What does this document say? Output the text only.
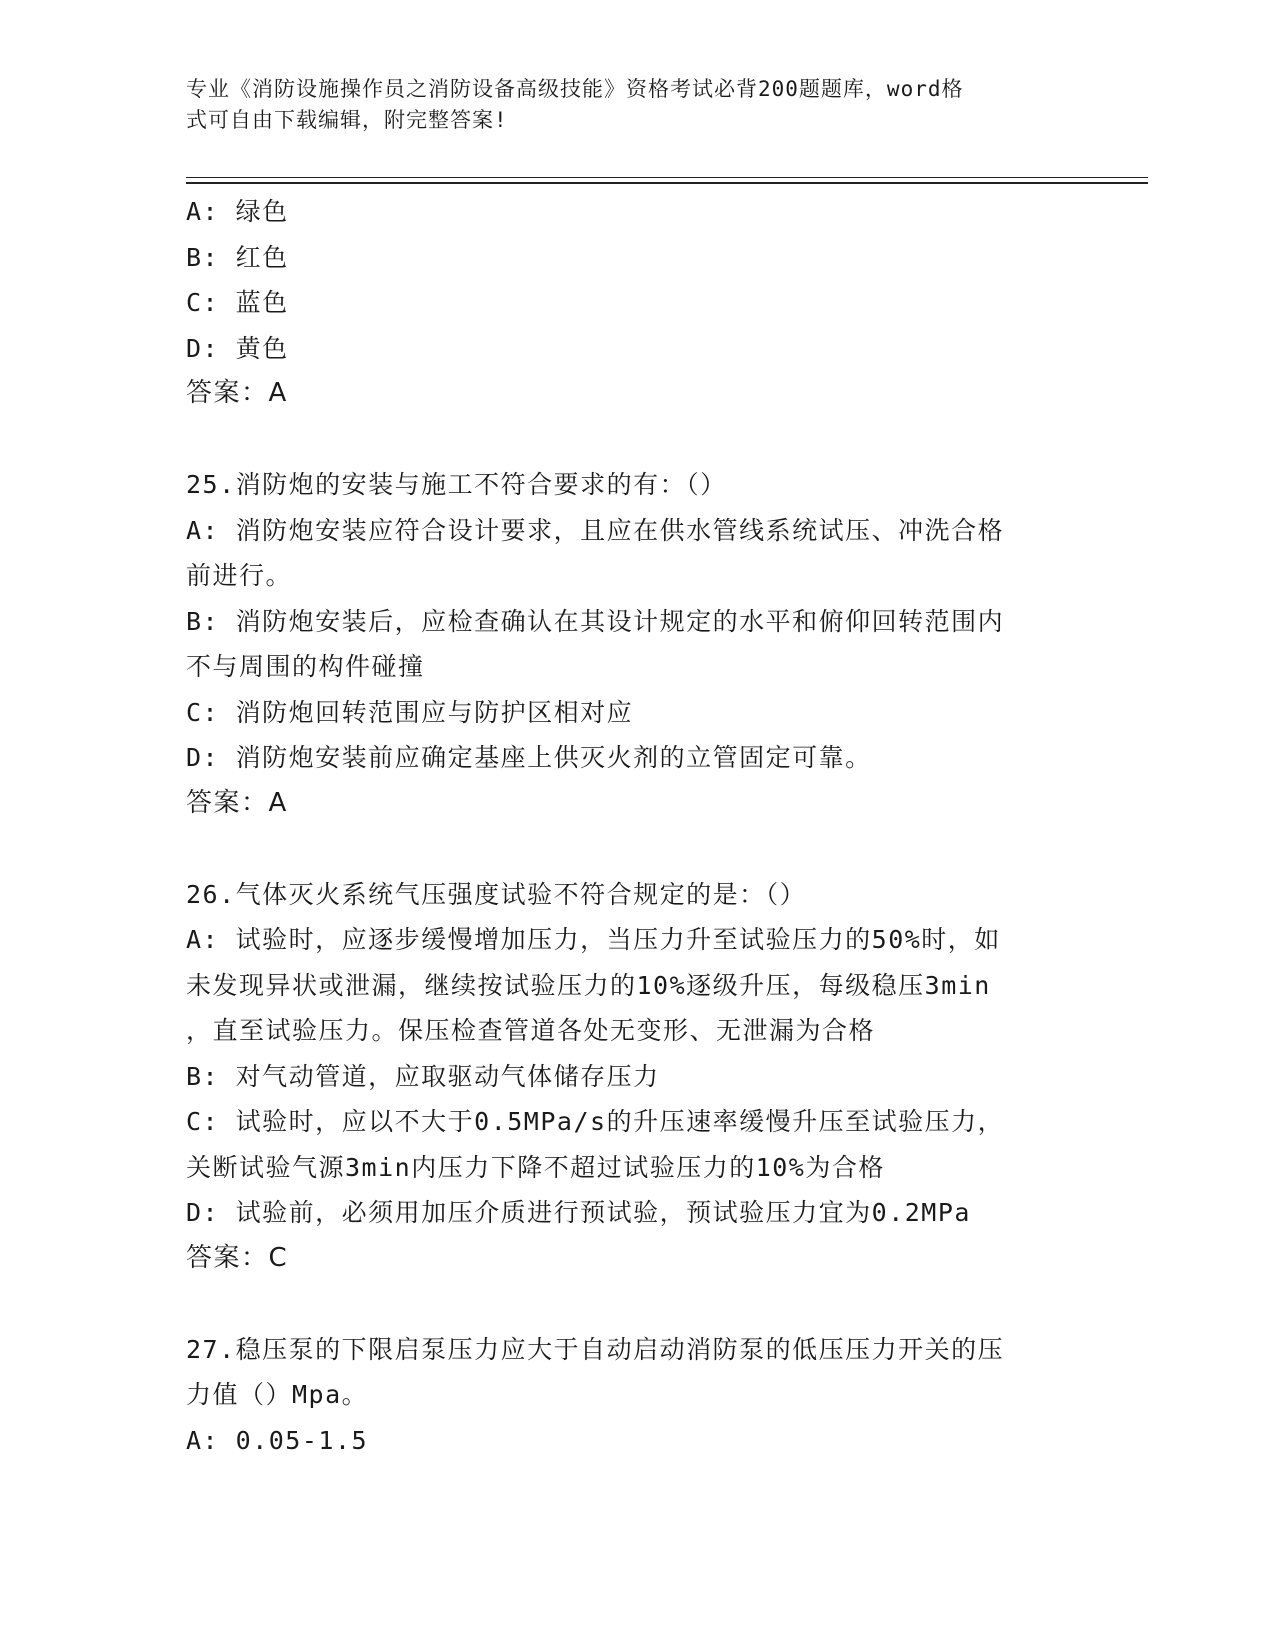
专业《消防设施操作员之消防设备高级技能》资格考试必背200题题库，word格
式可自由下载编辑，附完整答案!
A: 绿色
B: 红色
C: 蓝色
D: 黄色
答案：A
25.消防炮的安装与施工不符合要求的有：（）
A: 消防炮安装应符合设计要求，且应在供水管线系统试压、冲洗合格
前进行。
B: 消防炮安装后，应检查确认在其设计规定的水平和俯仰回转范围内
不与周围的构件碰撞
C: 消防炮回转范围应与防护区相对应
D: 消防炮安装前应确定基座上供灭火剂的立管固定可靠。
答案：A
26.气体灭火系统气压强度试验不符合规定的是：（）
A: 试验时，应逐步缓慢增加压力，当压力升至试验压力的50%时，如
未发现异状或泄漏，继续按试验压力的10%逐级升压，每级稳压3min
，直至试验压力。保压检查管道各处无变形、无泄漏为合格
B: 对气动管道，应取驱动气体储存压力
C: 试验时，应以不大于0.5MPa/s的升压速率缓慢升压至试验压力，
关断试验气源3min内压力下降不超过试验压力的10%为合格
D: 试验前，必须用加压介质进行预试验，预试验压力宜为0.2MPa
答案：C
27.稳压泵的下限启泵压力应大于自动启动消防泵的低压压力开关的压
力值（）Mpa。
A: 0.05-1.5
